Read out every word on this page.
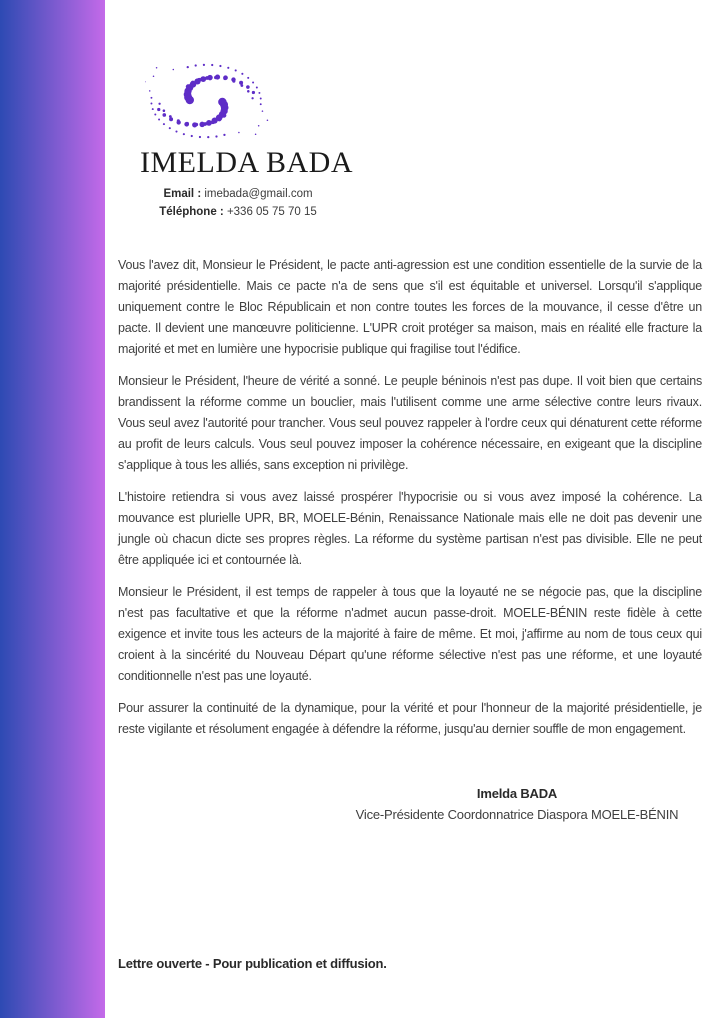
IMELDA BADA
Email : imebada@gmail.com
Téléphone : +336 05 75 70 15

Vous l'avez dit, Monsieur le Président, le pacte anti-agression est une condition essentielle de la survie de la majorité présidentielle. Mais ce pacte n'a de sens que s'il est équitable et universel. Lorsqu'il s'applique uniquement contre le Bloc Républicain et non contre toutes les forces de la mouvance, il cesse d'être un pacte. Il devient une manœuvre politicienne. L'UPR croit protéger sa maison, mais en réalité elle fracture la majorité et met en lumière une hypocrisie publique qui fragilise tout l'édifice.

Monsieur le Président, l'heure de vérité a sonné. Le peuple béninois n'est pas dupe. Il voit bien que certains brandissent la réforme comme un bouclier, mais l'utilisent comme une arme sélective contre leurs rivaux. Vous seul avez l'autorité pour trancher. Vous seul pouvez rappeler à l'ordre ceux qui dénaturent cette réforme au profit de leurs calculs. Vous seul pouvez imposer la cohérence nécessaire, en exigeant que la discipline s'applique à tous les alliés, sans exception ni privilège.

L'histoire retiendra si vous avez laissé prospérer l'hypocrisie ou si vous avez imposé la cohérence. La mouvance est plurielle UPR, BR, MOELE-Bénin, Renaissance Nationale mais elle ne doit pas devenir une jungle où chacun dicte ses propres règles. La réforme du système partisan n'est pas divisible. Elle ne peut être appliquée ici et contournée là.

Monsieur le Président, il est temps de rappeler à tous que la loyauté ne se négocie pas, que la discipline n'est pas facultative et que la réforme n'admet aucun passe-droit. MOELE-BÉNIN reste fidèle à cette exigence et invite tous les acteurs de la majorité à faire de même. Et moi, j'affirme au nom de tous ceux qui croient à la sincérité du Nouveau Départ qu'une réforme sélective n'est pas une réforme, et une loyauté conditionnelle n'est pas une loyauté.

Pour assurer la continuité de la dynamique, pour la vérité et pour l'honneur de la majorité présidentielle, je reste vigilante et résolument engagée à défendre la réforme, jusqu'au dernier souffle de mon engagement.

Imelda BADA
Vice-Présidente Coordonnatrice Diaspora MOELE-BÉNIN
Lettre ouverte - Pour publication et diffusion.
